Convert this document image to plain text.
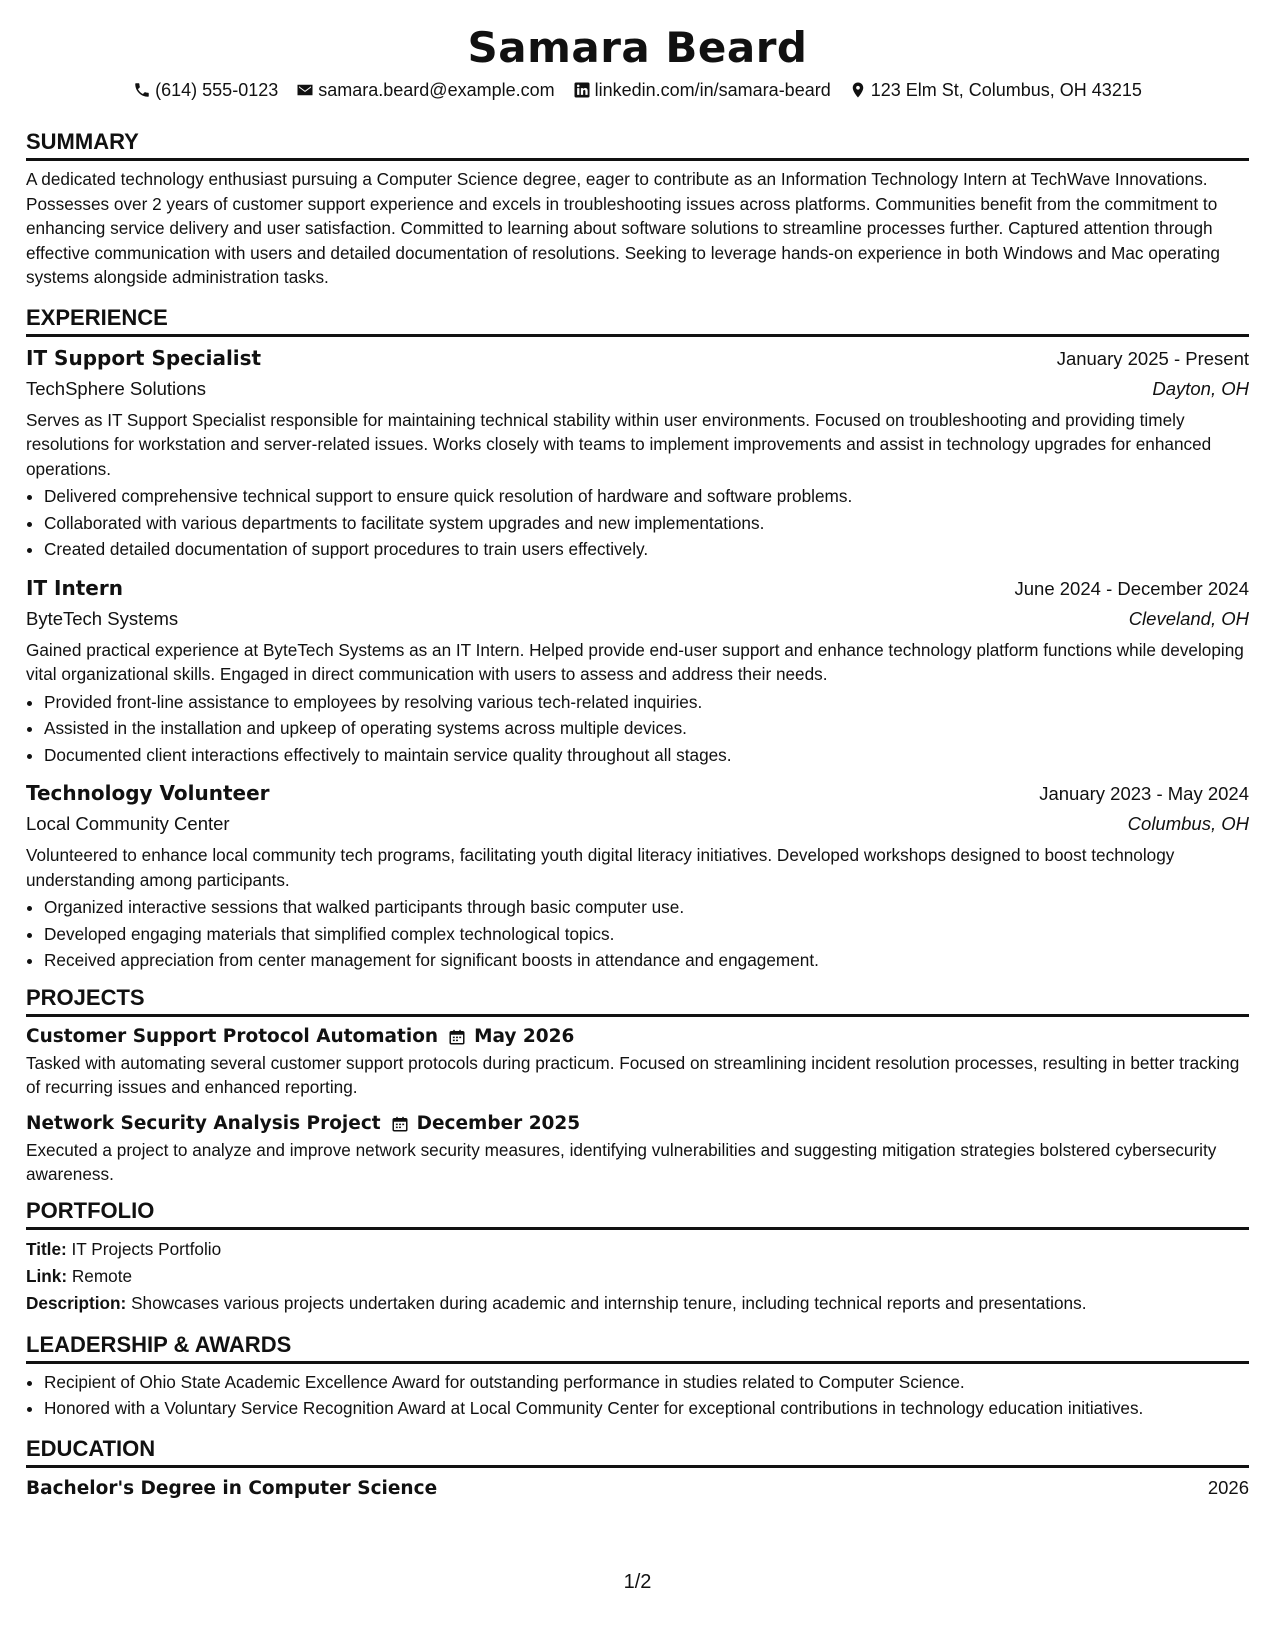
Samara Beard
(614) 555-0123 samara.beard@example.com linkedin.com/in/samara-beard 123 Elm St, Columbus, OH 43215
SUMMARY

A dedicated technology enthusiast pursuing a Computer Science degree, eager to contribute as an Information Technology Intern at TechWave Innovations. Possesses over 2 years of customer support experience and excels in troubleshooting issues across platforms. Communities benefit from the commitment to enhancing service delivery and user satisfaction. Committed to learning about software solutions to streamline processes further. Captured attention through effective communication with users and detailed documentation of resolutions. Seeking to leverage hands-on experience in both Windows and Mac operating systems alongside administration tasks.

EXPERIENCE
IT Support Specialist	January 2025 - Present
TechSphere Solutions	Dayton, OH

Serves as IT Support Specialist responsible for maintaining technical stability within user environments. Focused on troubleshooting and providing timely resolutions for workstation and server-related issues. Works closely with teams to implement improvements and assist in technology upgrades for enhanced operations.

• Delivered comprehensive technical support to ensure quick resolution of hardware and software problems.
• Collaborated with various departments to facilitate system upgrades and new implementations.
• Created detailed documentation of support procedures to train users effectively.
IT Intern	June 2024 - December 2024
ByteTech Systems	Cleveland, OH

Gained practical experience at ByteTech Systems as an IT Intern. Helped provide end-user support and enhance technology platform functions while developing vital organizational skills. Engaged in direct communication with users to assess and address their needs.

• Provided front-line assistance to employees by resolving various tech-related inquiries.
• Assisted in the installation and upkeep of operating systems across multiple devices.
• Documented client interactions effectively to maintain service quality throughout all stages.
Technology Volunteer	January 2023 - May 2024
Local Community Center	Columbus, OH

Volunteered to enhance local community tech programs, facilitating youth digital literacy initiatives. Developed workshops designed to boost technology understanding among participants.

• Organized interactive sessions that walked participants through basic computer use.
• Developed engaging materials that simplified complex technological topics.
• Received appreciation from center management for significant boosts in attendance and engagement.
PROJECTS
Customer Support Protocol Automation May 2026

Tasked with automating several customer support protocols during practicum. Focused on streamlining incident resolution processes, resulting in better tracking of recurring issues and enhanced reporting.

Network Security Analysis Project December 2025

Executed a project to analyze and improve network security measures, identifying vulnerabilities and suggesting mitigation strategies bolstered cybersecurity awareness.

PORTFOLIO
Title: IT Projects Portfolio
Link: Remote
Description: Showcases various projects undertaken during academic and internship tenure, including technical reports and presentations.
LEADERSHIP & AWARDS
• Recipient of Ohio State Academic Excellence Award for outstanding performance in studies related to Computer Science.
• Honored with a Voluntary Service Recognition Award at Local Community Center for exceptional contributions in technology education initiatives.
EDUCATION
Bachelor's Degree in Computer Science	2026
1/2
